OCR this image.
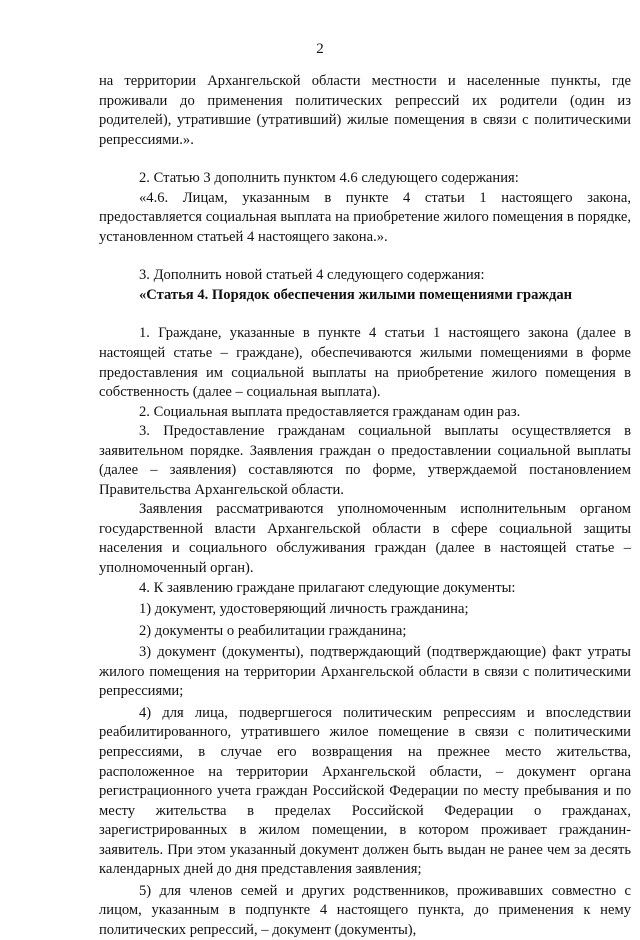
2

на территории Архангельской области местности и населенные пункты, где проживали до применения политических репрессий их родители (один из родителей), утратившие (утративший) жилые помещения в связи с политическими репрессиями.».

2. Статью 3 дополнить пунктом 4.6 следующего содержания:

«4.6. Лицам, указанным в пункте 4 статьи 1 настоящего закона, предоставляется социальная выплата на приобретение жилого помещения в порядке, установленном статьей 4 настоящего закона.».

3. Дополнить новой статьей 4 следующего содержания:

«Статья 4. Порядок обеспечения жилыми помещениями граждан

1. Граждане, указанные в пункте 4 статьи 1 настоящего закона (далее в настоящей статье – граждане), обеспечиваются жилыми помещениями в форме предоставления им социальной выплаты на приобретение жилого помещения в собственность (далее – социальная выплата).

2. Социальная выплата предоставляется гражданам один раз.

3. Предоставление гражданам социальной выплаты осуществляется в заявительном порядке. Заявления граждан о предоставлении социальной выплаты (далее – заявления) составляются по форме, утверждаемой постановлением Правительства Архангельской области.

Заявления рассматриваются уполномоченным исполнительным органом государственной власти Архангельской области в сфере социальной защиты населения и социального обслуживания граждан (далее в настоящей статье – уполномоченный орган).

4. К заявлению граждане прилагают следующие документы:

1) документ, удостоверяющий личность гражданина;

2) документы о реабилитации гражданина;

3) документ (документы), подтверждающий (подтверждающие) факт утраты жилого помещения на территории Архангельской области в связи с политическими репрессиями;

4) для лица, подвергшегося политическим репрессиям и впоследствии реабилитированного, утратившего жилое помещение в связи с политическими репрессиями, в случае его возвращения на прежнее место жительства, расположенное на территории Архангельской области, – документ органа регистрационного учета граждан Российской Федерации по месту пребывания и по месту жительства в пределах Российской Федерации о гражданах, зарегистрированных в жилом помещении, в котором проживает гражданин-заявитель. При этом указанный документ должен быть выдан не ранее чем за десять календарных дней до дня представления заявления;

5) для членов семей и других родственников, проживавших совместно с лицом, указанным в подпункте 4 настоящего пункта, до применения к нему политических репрессий, – документ (документы),
